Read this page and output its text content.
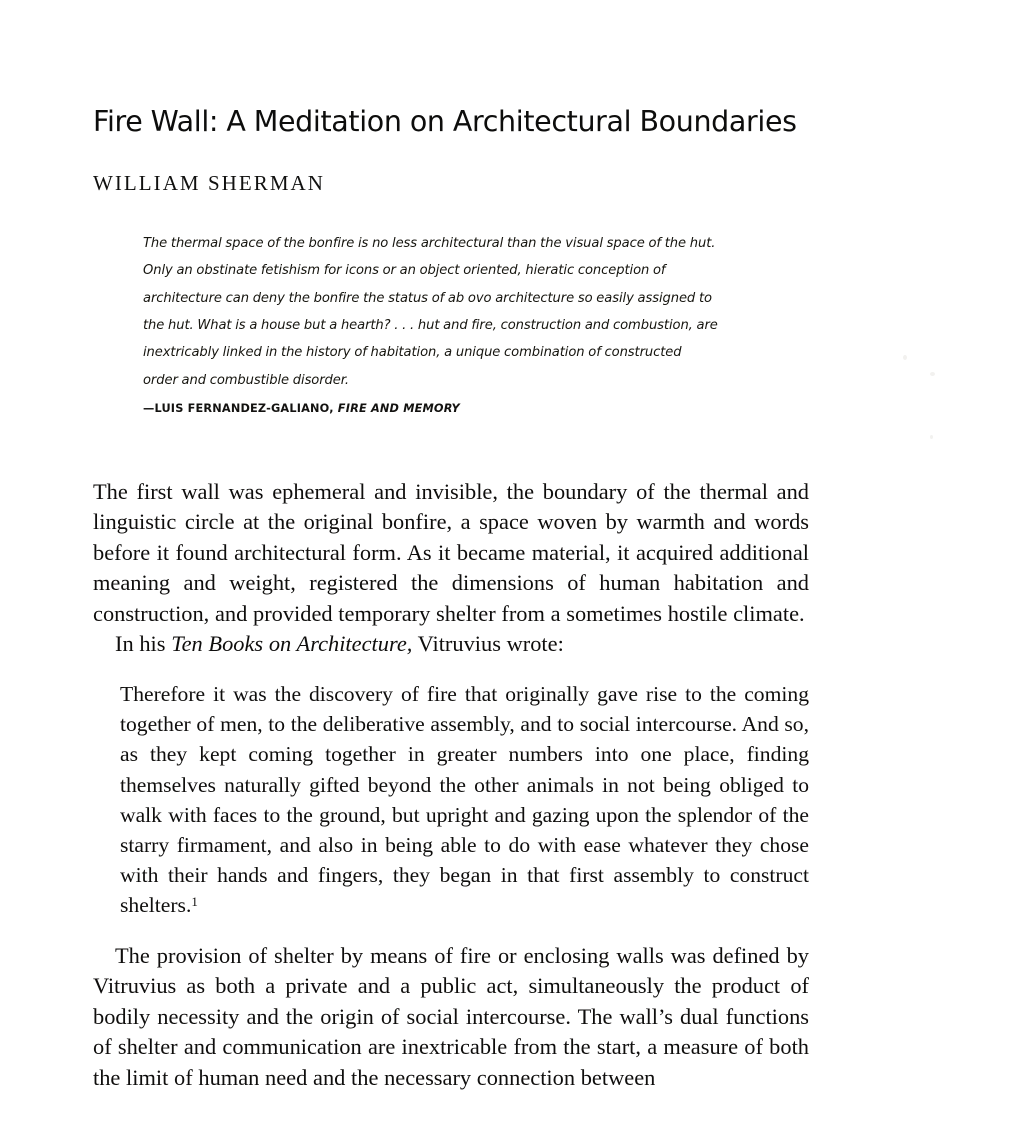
Fire Wall: A Meditation on Architectural Boundaries
WILLIAM SHERMAN

The thermal space of the bonfire is no less architectural than the visual space of the hut. Only an obstinate fetishism for icons or an object oriented, hieratic conception of architecture can deny the bonfire the status of ab ovo architecture so easily assigned to the hut. What is a house but a hearth? . . . hut and fire, construction and combustion, are inextricably linked in the history of habitation, a unique combination of constructed order and combustible disorder.

—LUIS FERNANDEZ-GALIANO, FIRE AND MEMORY

The first wall was ephemeral and invisible, the boundary of the thermal and linguistic circle at the original bonfire, a space woven by warmth and words before it found architectural form. As it became material, it acquired additional meaning and weight, registered the dimensions of human habitation and construction, and provided temporary shelter from a sometimes hostile climate.

In his Ten Books on Architecture, Vitruvius wrote:

Therefore it was the discovery of fire that originally gave rise to the coming together of men, to the deliberative assembly, and to social intercourse. And so, as they kept coming together in greater numbers into one place, finding themselves naturally gifted beyond the other animals in not being obliged to walk with faces to the ground, but upright and gazing upon the splendor of the starry firmament, and also in being able to do with ease whatever they chose with their hands and fingers, they began in that first assembly to construct shelters.$^1$

The provision of shelter by means of fire or enclosing walls was defined by Vitruvius as both a private and a public act, simultaneously the product of bodily necessity and the origin of social intercourse. The wall’s dual functions of shelter and communication are inextricable from the start, a measure of both the limit of human need and the necessary connection between
